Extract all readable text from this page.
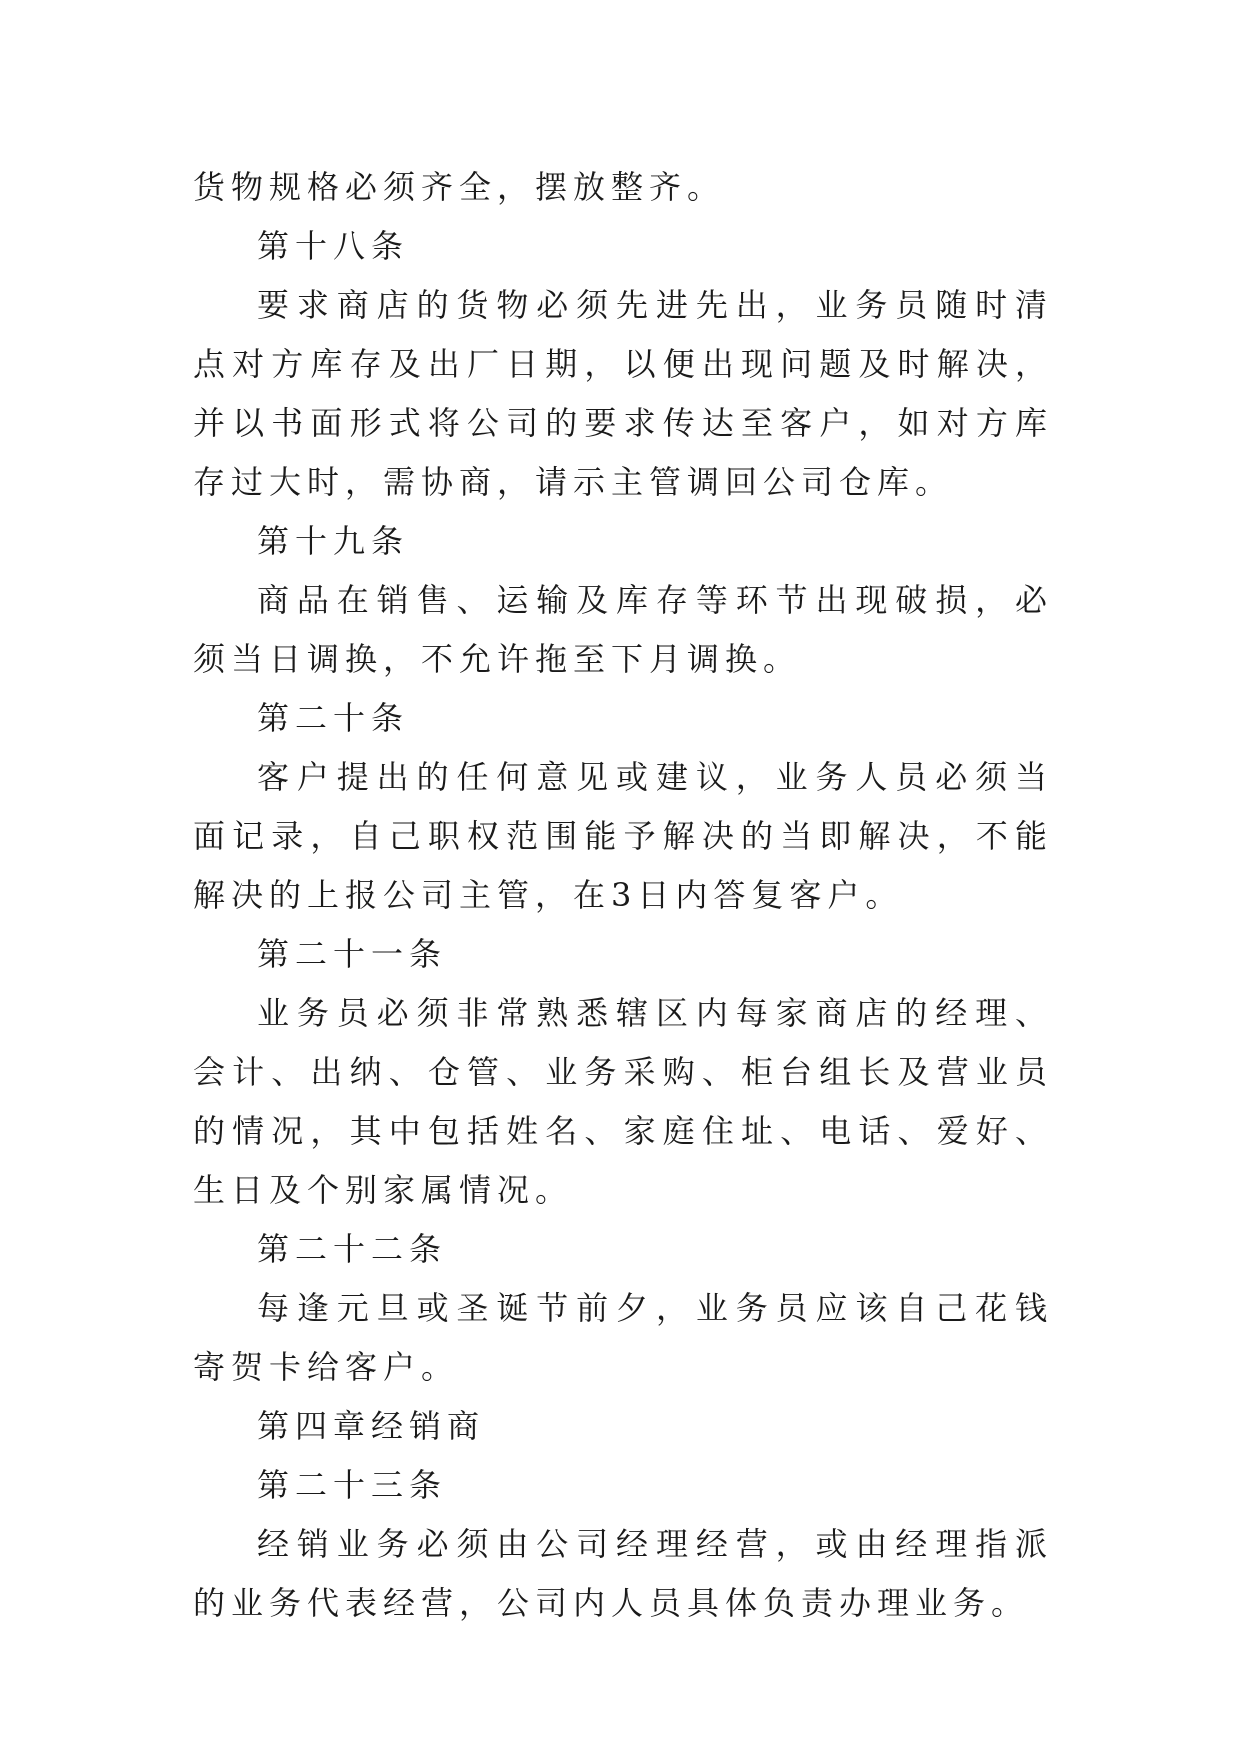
货物规格必须齐全，摆放整齐。

第十八条

要求商店的货物必须先进先出，业务员随时清点对方库存及出厂日期，以便出现问题及时解决，并以书面形式将公司的要求传达至客户，如对方库存过大时，需协商，请示主管调回公司仓库。

第十九条

商品在销售、运输及库存等环节出现破损，必须当日调换，不允许拖至下月调换。

第二十条

客户提出的任何意见或建议，业务人员必须当面记录，自己职权范围能予解决的当即解决，不能解决的上报公司主管，在3日内答复客户。

第二十一条

业务员必须非常熟悉辖区内每家商店的经理、会计、出纳、仓管、业务采购、柜台组长及营业员的情况，其中包括姓名、家庭住址、电话、爱好、生日及个别家属情况。

第二十二条

每逢元旦或圣诞节前夕，业务员应该自己花钱寄贺卡给客户。

第四章经销商

第二十三条

经销业务必须由公司经理经营，或由经理指派的业务代表经营，公司内人员具体负责办理业务。
